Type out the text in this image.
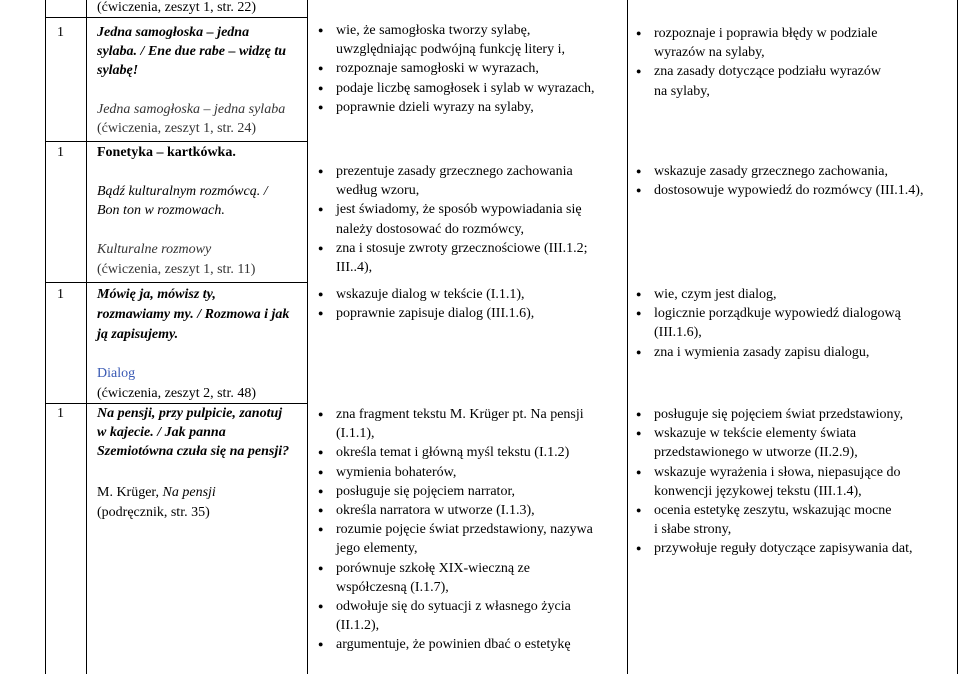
(ćwiczenia, zeszyt 1, str. 22)
1 Jedna samogłoska – jedna
sylaba. / Ene due rabe – widzę tu
sylabę!
Jedna samogłoska – jedna sylaba
(ćwiczenia, zeszyt 1, str. 24)
1 Fonetyka – kartkówka.
Bądź kulturalnym rozmówcą. /
Bon ton w rozmowach.
Kulturalne rozmowy
(ćwiczenia, zeszyt 1, str. 11)
1 Mówię ja, mówisz ty,
rozmawiamy my. / Rozmowa i jak
ją zapisujemy.
Dialog
(ćwiczenia, zeszyt 2, str. 48)
1 Na pensji, przy pulpicie, zanotuj
w kajecie. / Jak panna
Szemiotówna czuła się na pensji?
M. Krüger, Na pensji
(podręcznik, str. 35)
● wie, że samogłoska tworzy sylabę,
uwzględniając podwójną funkcję litery i,
● rozpoznaje samogłoski w wyrazach,
● podaje liczbę samogłosek i sylab w wyrazach,
● poprawnie dzieli wyrazy na sylaby,
● prezentuje zasady grzecznego zachowania
według wzoru,
● jest świadomy, że sposób wypowiadania się
należy dostosować do rozmówcy,
● zna i stosuje zwroty grzecznościowe (III.1.2;
III..4),
● wskazuje dialog w tekście (I.1.1),
● poprawnie zapisuje dialog (III.1.6),
● zna fragment tekstu M. Krüger pt. Na pensji
(I.1.1),
● określa temat i główną myśl tekstu (I.1.2)
● wymienia bohaterów,
● posługuje się pojęciem narrator,
● określa narratora w utworze (I.1.3),
● rozumie pojęcie świat przedstawiony, nazywa
jego elementy,
● porównuje szkołę XIX-wieczną ze
współczesną (I.1.7),
● odwołuje się do sytuacji z własnego życia
(II.1.2),
● argumentuje, że powinien dbać o estetykę
● rozpoznaje i poprawia błędy w podziale
wyrazów na sylaby,
● zna zasady dotyczące podziału wyrazów
na sylaby,
● wskazuje zasady grzecznego zachowania,
● dostosowuje wypowiedź do rozmówcy (III.1.4),
● wie, czym jest dialog,
● logicznie porządkuje wypowiedź dialogową
(III.1.6),
● zna i wymienia zasady zapisu dialogu,
● posługuje się pojęciem świat przedstawiony,
● wskazuje w tekście elementy świata
przedstawionego w utworze (II.2.9),
● wskazuje wyrażenia i słowa, niepasujące do
konwencji językowej tekstu (III.1.4),
● ocenia estetykę zeszytu, wskazując mocne
i słabe strony,
● przywołuje reguły dotyczące zapisywania dat,
